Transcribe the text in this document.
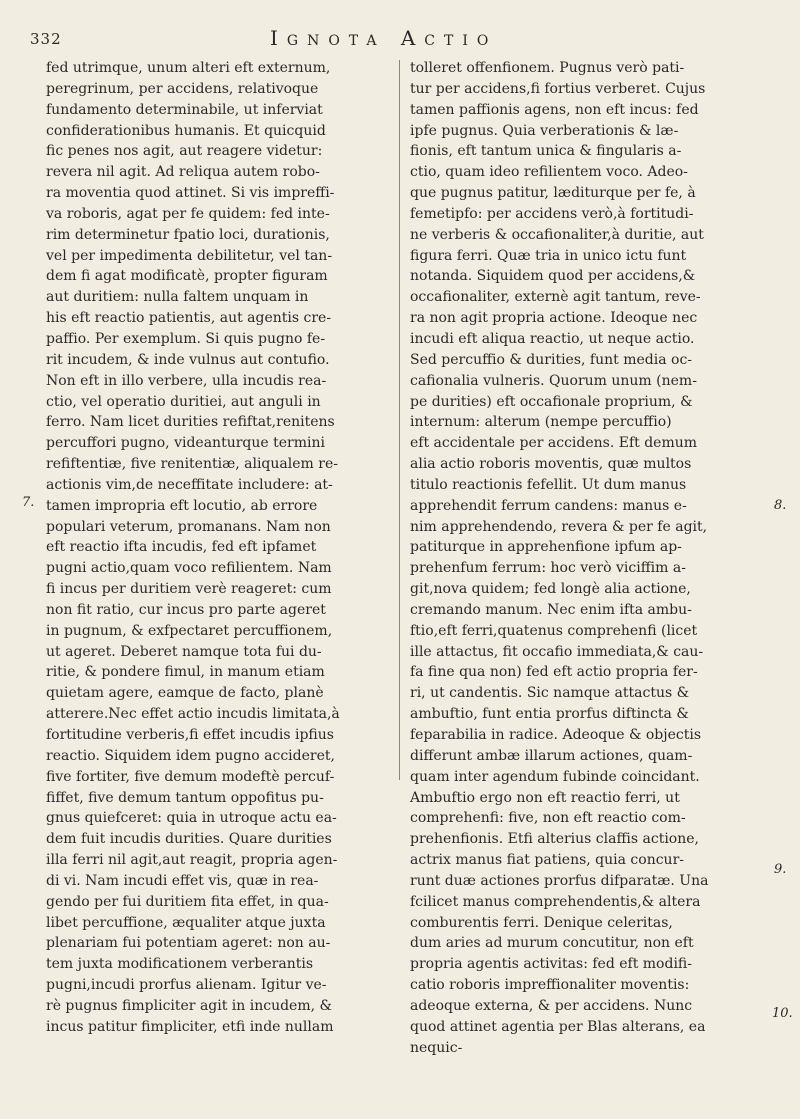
332	Ignota Actio
7.
fed utrimque, unum alteri eft externum,
peregrinum, per accidens, relativoque
fundamento determinabile, ut inferviat
confiderationibus humanis. Et quicquid
fic penes nos agit, aut reagere videtur:
revera nil agit. Ad reliqua autem robo-
ra moventia quod attinet. Si vis impreffi-
va roboris, agat per fe quidem: fed inte-
rim determinetur fpatio loci, durationis,
vel per impedimenta debilitetur, vel tan-
dem fi agat modificatè, propter figuram
aut duritiem: nulla faltem unquam in
his eft reactio patientis, aut agentis cre-
paffio. Per exemplum. Si quis pugno fe-
rit incudem, & inde vulnus aut contufio.
Non eft in illo verbere, ulla incudis rea-
ctio, vel operatio duritiei, aut anguli in
ferro. Nam licet durities refiftat,renitens
percuffori pugno, videanturque termini
refiftentiæ, five renitentiæ, aliqualem re-
actionis vim,de neceffitate includere: at-
tamen impropria eft locutio, ab errore
populari veterum, promanans. Nam non
eft reactio ifta incudis, fed eft ipfamet
pugni actio,quam voco refilientem. Nam
fi incus per duritiem verè reageret: cum
non fit ratio, cur incus pro parte ageret
in pugnum, & exfpectaret percuffionem,
ut ageret. Deberet namque tota fui du-
ritie, & pondere fimul, in manum etiam
quietam agere, eamque de facto, planè
atterere.Nec effet actio incudis limitata,à
fortitudine verberis,fi effet incudis ipfius
reactio. Siquidem idem pugno accideret,
five fortiter, five demum modeftè percuf-
fiffet, five demum tantum oppofitus pu-
gnus quiefceret: quia in utroque actu ea-
dem fuit incudis durities. Quare durities
illa ferri nil agit,aut reagit, propria agen-
di vi. Nam incudi effet vis, quæ in rea-
gendo per fui duritiem fita effet, in qua-
libet percuffione, æqualiter atque juxta
plenariam fui potentiam ageret: non au-
tem juxta modificationem verberantis
pugni,incudi prorfus alienam. Igitur ve-
rè pugnus fimpliciter agit in incudem, &
incus patitur fimpliciter, etfi inde nullam
tolleret offenfionem. Pugnus verò pati-
tur per accidens,fi fortius verberet. Cujus
tamen paffionis agens, non eft incus: fed
ipfe pugnus. Quia verberationis & læ-
fionis, eft tantum unica & fingularis a-
ctio, quam ideo refilientem voco. Adeo-
que pugnus patitur, læditurque per fe, à
femetipfo: per accidens verò,à fortitudi-
ne verberis & occafionaliter,à duritie, aut
figura ferri. Quæ tria in unico ictu funt
notanda. Siquidem quod per accidens,&
occafionaliter, externè agit tantum, reve-
ra non agit propria actione. Ideoque nec
incudi eft aliqua reactio, ut neque actio.
Sed percuffio & durities, funt media oc-
cafionalia vulneris. Quorum unum (nem-
pe durities) eft occafionale proprium, &
internum: alterum (nempe percuffio)
eft accidentale per accidens. Eft demum
alia actio roboris moventis, quæ multos
titulo reactionis fefellit. Ut dum manus
apprehendit ferrum candens: manus e-
nim apprehendendo, revera & per fe agit,
patiturque in apprehenfione ipfum ap-
prehenfum ferrum: hoc verò viciffim a-
git,nova quidem; fed longè alia actione,
cremando manum. Nec enim ifta ambu-
ftio,eft ferri,quatenus comprehenfi (licet
ille attactus, fit occafio immediata,& cau-
fa fine qua non) fed eft actio propria fer-
ri, ut candentis. Sic namque attactus &
ambuftio, funt entia prorfus diftincta &
feparabilia in radice. Adeoque & objectis
differunt ambæ illarum actiones, quam-
quam inter agendum fubinde coincidant.
Ambuftio ergo non eft reactio ferri, ut
comprehenfi: five, non eft reactio com-
prehenfionis. Etfi alterius claffis actione,
actrix manus fiat patiens, quia concur-
runt duæ actiones prorfus difparatæ. Una
fcilicet manus comprehendentis,& altera
comburentis ferri. Denique celeritas,
dum aries ad murum concutitur, non eft
propria agentis activitas: fed eft modifi-
catio roboris impreffionaliter moventis:
adeoque externa, & per accidens. Nunc
quod attinet agentia per Blas alterans, ea
nequic-
8.
9.
10.
